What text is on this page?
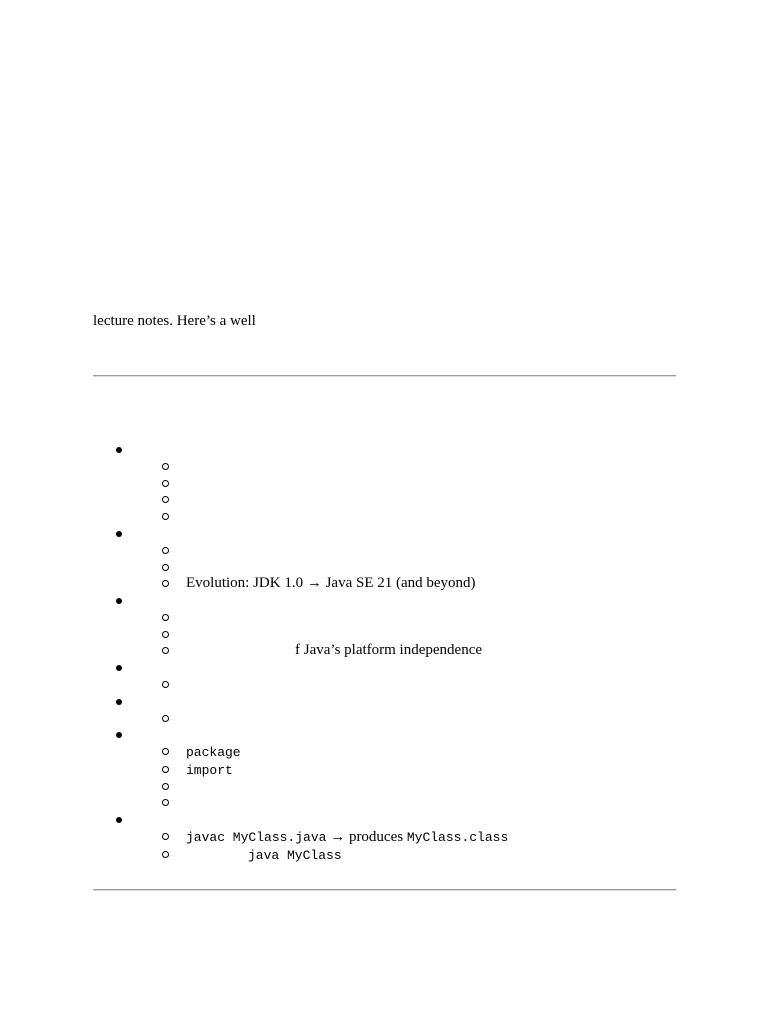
lecture notes. Here’s a well
Evolution: JDK 1.0 → Java SE 21 (and beyond)
f Java’s platform independence
package
import
javac MyClass.java → produces MyClass.class
java MyClass
